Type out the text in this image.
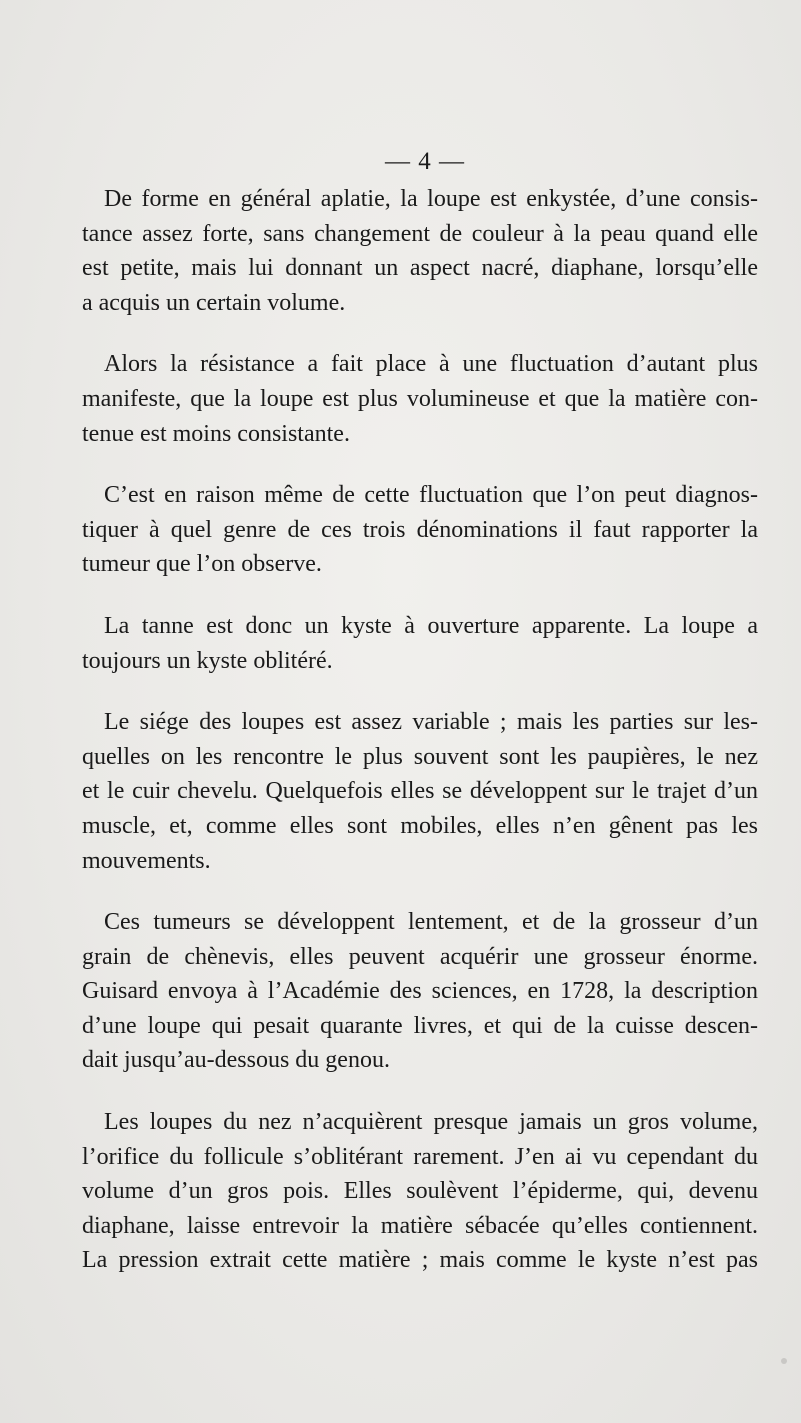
— 4 —
De forme en général aplatie, la loupe est enkystée, d’une consis-
tance assez forte, sans changement de couleur à la peau quand elle
est petite, mais lui donnant un aspect nacré, diaphane, lorsqu’elle
a acquis un certain volume.
Alors la résistance a fait place à une fluctuation d’autant plus
manifeste, que la loupe est plus volumineuse et que la matière con-
tenue est moins consistante.
C’est en raison même de cette fluctuation que l’on peut diagnos-
tiquer à quel genre de ces trois dénominations il faut rapporter la
tumeur que l’on observe.
La tanne est donc un kyste à ouverture apparente. La loupe a
toujours un kyste oblitéré.
Le siége des loupes est assez variable ; mais les parties sur les-
quelles on les rencontre le plus souvent sont les paupières, le nez
et le cuir chevelu. Quelquefois elles se développent sur le trajet d’un
muscle, et, comme elles sont mobiles, elles n’en gênent pas les
mouvements.
Ces tumeurs se développent lentement, et de la grosseur d’un
grain de chènevis, elles peuvent acquérir une grosseur énorme.
Guisard envoya à l’Académie des sciences, en 1728, la description
d’une loupe qui pesait quarante livres, et qui de la cuisse descen-
dait jusqu’au-dessous du genou.
Les loupes du nez n’acquièrent presque jamais un gros volume,
l’orifice du follicule s’oblitérant rarement. J’en ai vu cependant du
volume d’un gros pois. Elles soulèvent l’épiderme, qui, devenu
diaphane, laisse entrevoir la matière sébacée qu’elles contiennent.
La pression extrait cette matière ; mais comme le kyste n’est pas
